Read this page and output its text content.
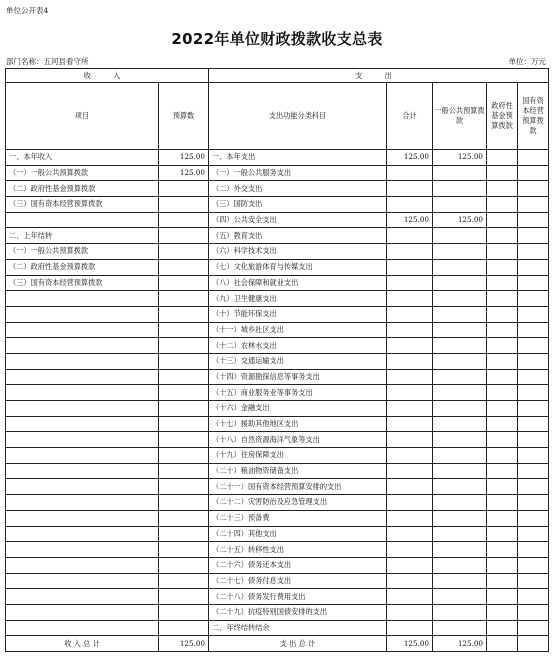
单位公开表4
2022年单位财政拨款收支总表
部门名称：五河县看守所	单位：万元
收 入		支 出				
项目	预算数	支出功能分类科目	合计	一般公共预算拨款	政府性基金预算拨款	国有资本经营预算拨款
一、本年收入	125.00	一、本年支出	125.00	125.00		
（一）一般公共预算拨款	125.00	（一）一般公共服务支出				
（二）政府性基金预算拨款		（二）外交支出				
（三）国有资本经营预算拨款		（三）国防支出				
		（四）公共安全支出	125.00	125.00		
二、上年结转		（五）教育支出				
（一）一般公共预算拨款		（六）科学技术支出				
（二）政府性基金预算拨款		（七）文化旅游体育与传媒支出				
（三）国有资本经营预算拨款		（八）社会保障和就业支出				
		（九）卫生健康支出				
		（十）节能环保支出				
		（十一）城乡社区支出				
		（十二）农林水支出				
		（十三）交通运输支出				
		（十四）资源勘探信息等事务支出				
		（十五）商业服务业等事务支出				
		（十六）金融支出				
		（十七）援助其他地区支出				
		（十八）自然资源海洋气象等支出				
		（十九）住房保障支出				
		（二十）粮油物资储备支出				
		（二十一）国有资本经营预算安排的支出				
		（二十二）灾害防治及应急管理支出				
		（二十三）预备费				
		（二十四）其他支出				
		（二十五）转移性支出				
		（二十六）债务还本支出				
		（二十七）债务付息支出				
		（二十八）债务发行费用支出				
		（二十九）抗疫特别国债安排的支出				
		二、年终结转结余				
收 入 总 计	125.00	支 出 总 计	125.00	125.00		
